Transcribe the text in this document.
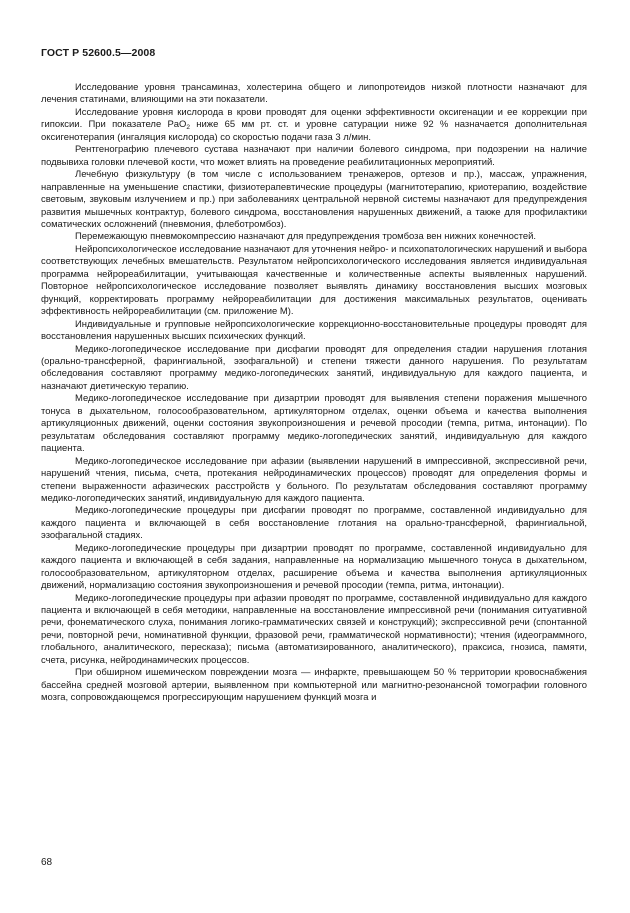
ГОСТ Р 52600.5—2008

Исследование уровня трансаминаз, холестерина общего и липопротеидов низкой плотности назначают для лечения статинами, влияющими на эти показатели.

Исследование уровня кислорода в крови проводят для оценки эффективности оксигенации и ее коррекции при гипоксии. При показателе PaO$_2$ ниже 65 мм рт. ст. и уровне сатурации ниже 92 % назначается дополнительная оксигенотерапия (ингаляция кислорода) со скоростью подачи газа 3 л/мин.

Рентгенографию плечевого сустава назначают при наличии болевого синдрома, при подозрении на наличие подвывиха головки плечевой кости, что может влиять на проведение реабилитационных мероприятий.

Лечебную физкультуру (в том числе с использованием тренажеров, ортезов и пр.), массаж, упражнения, направленные на уменьшение спастики, физиотерапевтические процедуры (магнитотерапию, криотерапию, воздействие световым, звуковым излучением и пр.) при заболеваниях центральной нервной системы назначают для предупреждения развития мышечных контрактур, болевого синдрома, восстановления нарушенных движений, а также для профилактики соматических осложнений (пневмония, флеботромбоз).

Перемежающую пневмокомпрессию назначают для предупреждения тромбоза вен нижних конечностей.

Нейропсихологическое исследование назначают для уточнения нейро- и психопатологических нарушений и выбора соответствующих лечебных вмешательств. Результатом нейропсихологического исследования является индивидуальная программа нейрореабилитации, учитывающая качественные и количественные аспекты выявленных нарушений. Повторное нейропсихологическое исследование позволяет выявлять динамику восстановления высших мозговых функций, корректировать программу нейрореабилитации для достижения максимальных результатов, оценивать эффективность нейрореабилитации (см. приложение М).

Индивидуальные и групповые нейропсихологические коррекционно-восстановительные процедуры проводят для восстановления нарушенных высших психических функций.

Медико-логопедическое исследование при дисфагии проводят для определения стадии нарушения глотания (орально-трансферной, фарингиальной, эзофагальной) и степени тяжести данного нарушения. По результатам обследования составляют программу медико-логопедических занятий, индивидуальную для каждого пациента, и назначают диетическую терапию.

Медико-логопедическое исследование при дизартрии проводят для выявления степени поражения мышечного тонуса в дыхательном, голосообразовательном, артикуляторном отделах, оценки объема и качества выполнения артикуляционных движений, оценки состояния звукопроизношения и речевой просодии (темпа, ритма, интонации). По результатам обследования составляют программу медико-логопедических занятий, индивидуальную для каждого пациента.

Медико-логопедическое исследование при афазии (выявлении нарушений в импрессивной, экспрессивной речи, нарушений чтения, письма, счета, протекания нейродинамических процессов) проводят для определения формы и степени выраженности афазических расстройств у больного. По результатам обследования составляют программу медико-логопедических занятий, индивидуальную для каждого пациента.

Медико-логопедические процедуры при дисфагии проводят по программе, составленной индивидуально для каждого пациента и включающей в себя восстановление глотания на орально-трансферной, фарингиальной, эзофагальной стадиях.

Медико-логопедические процедуры при дизартрии проводят по программе, составленной индивидуально для каждого пациента и включающей в себя задания, направленные на нормализацию мышечного тонуса в дыхательном, голосообразовательном, артикуляторном отделах, расширение объема и качества выполнения артикуляционных движений, нормализацию состояния звукопроизношения и речевой просодии (темпа, ритма, интонации).

Медико-логопедические процедуры при афазии проводят по программе, составленной индивидуально для каждого пациента и включающей в себя методики, направленные на восстановление импрессивной речи (понимания ситуативной речи, фонематического слуха, понимания логико-грамматических связей и конструкций); экспрессивной речи (спонтанной речи, повторной речи, номинативной функции, фразовой речи, грамматической нормативности); чтения (идеограммного, глобального, аналитического, пересказа); письма (автоматизированного, аналитического), праксиса, гнозиса, памяти, счета, рисунка, нейродинамических процессов.

При обширном ишемическом повреждении мозга — инфаркте, превышающем 50 % территории кровоснабжения бассейна средней мозговой артерии, выявленном при компьютерной или магнитно-резонансной томографии головного мозга, сопровождающемся прогрессирующим нарушением функций мозга и

68
